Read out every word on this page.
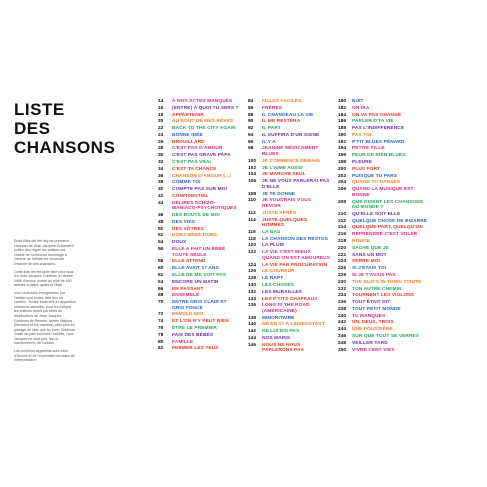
LISTE
DES
CHANSONS

Ensé filles del été ally de première chanson de Jean Jacques Goldman Il suffira d'un signe les artistes ont chanté de nombreux hommage à l'œuvre de l'artiste en reconnaît l'histoire de ses chansons.

Cette liste les est juste liste pour tous les Jean Jacques Goldman à l'année 1986 d'amour tourne du plus de 400 artistes à plaire, gratis et l'état.

Voici chansons enregistrées par l'artiste sont toutes liste des sa carrière. Toutes incarnent à l'apparition chansons samedis, pour les indiqué les éditions réunit par titres de distributions de Jean Jacques Goldman de Rennes, autres Nations (Bertrand et les reprises) cette plus en partage de liste que au Jurer Goldman Justin en pain tournent l'oubliés, l'ans Jacques ne sont pas, les du transformées, de l'unions.

Les numéros apparents sont celui d'Aurora et de l'ensemble cet index de l'interprétation.

14	À NOS ACTES MANQUÉS
16	(ENTRE) À QUOI TU SERS ?
18	APPARTENIR
20	AU BOUT DE MES RÊVES
22	BACK TO THE CITY AGAIN
24	BONNE IDÉE
26	BROUILLARD
28	C'EST PAS D'AMOUR
30	C'EST PAS GRAVE PAPA
32	C'EST PAS VRAI
34	C'EST TA CHANCE
36	CHANSON D'AMOUR (...)
38	COMME TOI
40	COMPTE PAS SUR MOI
42	CONFIDENTIEL
44	DÉLIRES SCHIZO-MANIACO-PSYCHOTIQUES
46	DES BOUTS DE MOI
48	DES VIES
50	DES VÔTRES
52	DORS BÉBÉ DORS
54	DOUX
56	ELLE A FAIT UN BÉBÉ TOUTE SEULE
58	ELLE ATTEND
60	ELLE AVAIT 17 ANS
62	ELLE NE ME VOIT PAS
64	ENCORE UN MATIN
66	EN PASSANT
68	ENSEMBLE
70	ENTRE GRIS CLAIR ET GRIS FONCÉ
72	ENVOLE-MOI
74	ET L'ON N'Y PEUT RIEN
76	ÊTRE LE PREMIER
78	FAIS DES BÉBÉS
80	FAMILLE
82	FERMER LES YEUX
84	FILLES FACILES
86	FRÈRES
88	IL CHANDEAU LA VIE
90	IL ME RESTERA
92	IL PART
94	IL SUFFIRA D'UN SIGNE
96	IL Y A
98	JEANINE MÉDICAMENT BLUES
100	JE COMMENCE DEMAIN
102	JE L'AIME AUSSI
104	JE MARCHE SEUL
106	JE NE VOUS PARLERAI PAS D'ELLE
108	JE TE DONNE
110	JE VOUDRAIS VOUS REVOIR
112	JUSTE APRÈS
114	JUSTE QUELQUES HOMMES
116	LA BAS
118	LA CHANSON DES RESTOS
120	LA PLUIE
122	LA VIE C'EST MIEUX QUAND ON EST AMOUREUX
124	LA VIE PAR PROCURATION
126	LE COUREUR
128	LE RAPT
130	LES CHOSES
132	LES MURAILLES
134	LES P'TITS CHAPEAUX
136	LONG IS THE ROAD (AMERICAINE)
138	MINORITAIRE
140	NÉ EN 17 À LEIDENSTADT
142	NE LUI DIS PAS
144	NOS MAINS
146	NOUS NE NOUS PARLERONS PAS
180	NUIT
182	ON IRA
184	ON VA PAS CHANGÉ
186	PARLER D'TA VIE
188	PAS L'INDIFFÉRENCE
190	PAS TOI
192	P'TIT BLUES PÉNARD
194	PETITE FILLE
196	PEUR DE RIEN BLUES
198	PLEURE
200	PLUS FORT
202	PUISQUE TU PARS
204	QUAND TU DANSES
206	QUAND LA MUSIQUE EST BONNE
208	QUE DISENT LES CHANSONS DU MONDE ?
210	QU'ELLE SOIT ELLE
212	QUELQUE CHOSE DE BIZARRE
214	QUELQUE PART, QUELQU'UN
216	REPRENDRE C'EST VOLER
218	ROUGE
220	SACHE QUE JE
222	SANS UN MOT
224	SERRE-MOI
226	SI J'ÉTAIS TOI
228	SI JE T'AVAIS PAS
230	THE GUO'S IN TOWN TONITE
232	TON AUTRE CHEMIN
234	TOURNENT LES VIOLONS
236	TOUT ÉTAIT DIT
238	TOUT PETIT MONDE
240	TU MANQUES
242	UN, DEUX, TROIS
244	UNE POUSSIÈRE
246	SUR QUE TOUT SE VERRES
248	VEILLER TARD
250	VIVRE CENT VIES
